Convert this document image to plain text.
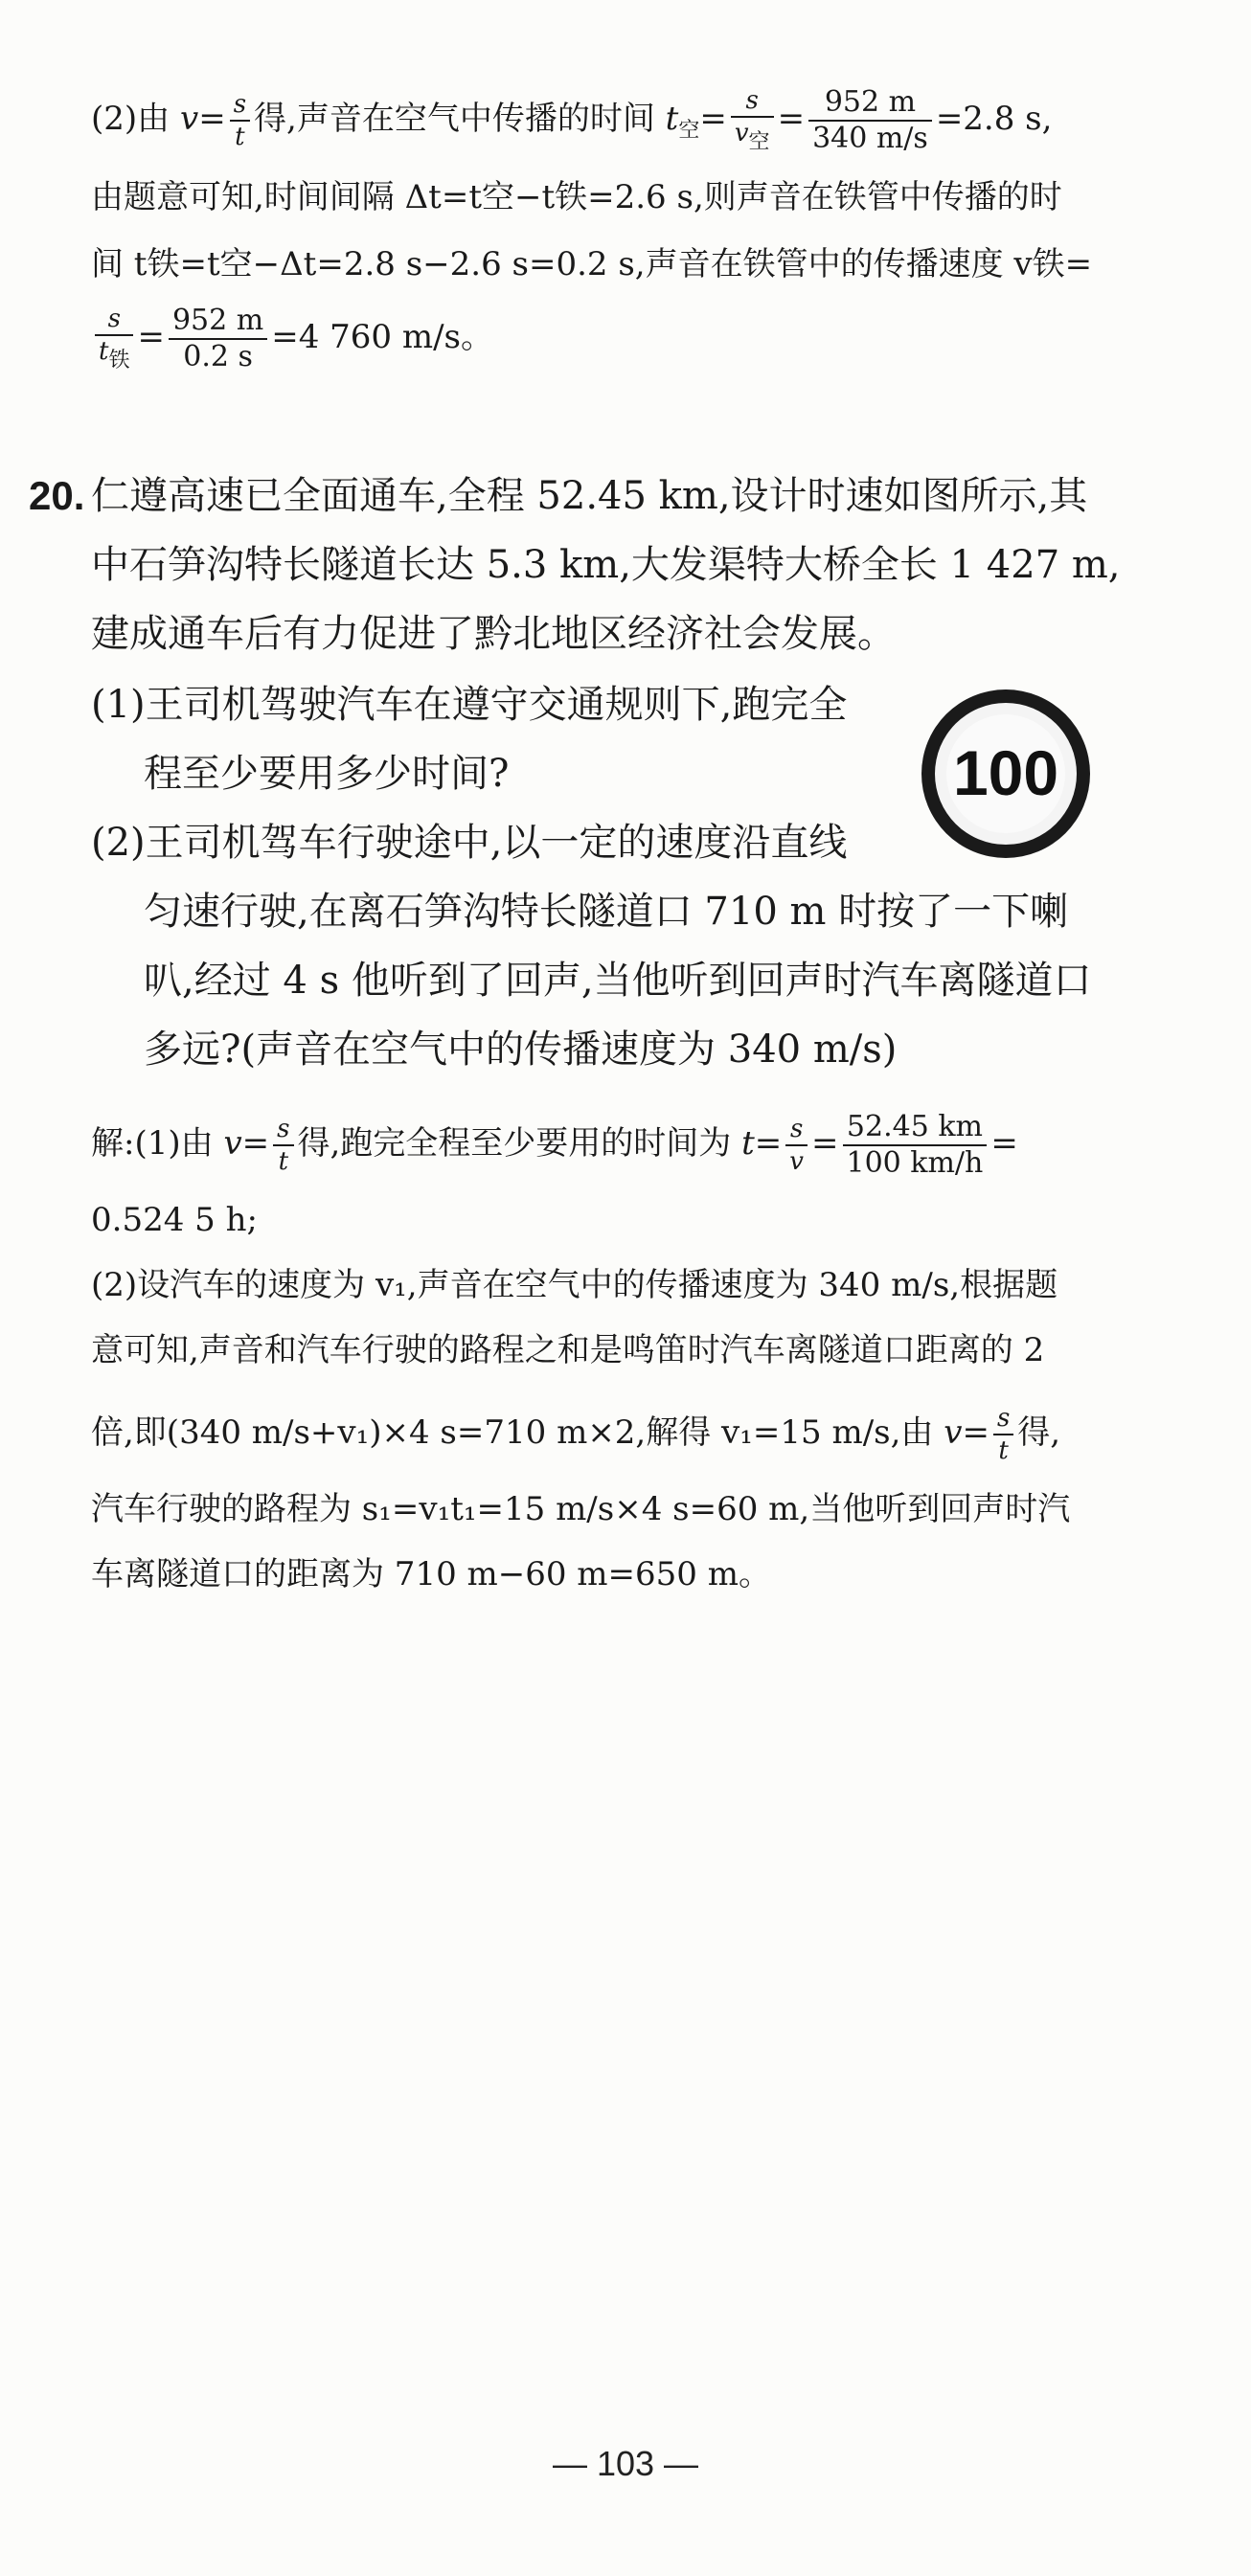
(2)由 $v= \frac{s}{t}$ 得,声音在空气中传播的时间 $t_空= \frac{s}{v_空} = \frac{952 m}{340 m/s} =2.8$ s,
由题意可知,时间间隔 Δt=t空−t铁=2.6 s,则声音在铁管中传播的时
间 t铁=t空−Δt=2.8 s−2.6 s=0.2 s,声音在铁管中的传播速度 v铁=
$\frac{s}{t_铁} = \frac{952 m}{0.2 s} =4$ 760 m/s。
20. 仁遵高速已全面通车,全程 52.45 km,设计时速如图所示,其
中石笋沟特长隧道长达 5.3 km,大发渠特大桥全长 1 427 m,
建成通车后有力促进了黔北地区经济社会发展。
(1)王司机驾驶汽车在遵守交通规则下,跑完全
程至少要用多少时间?
(2)王司机驾车行驶途中,以一定的速度沿直线
匀速行驶,在离石笋沟特长隧道口 710 m 时按了一下喇
叭,经过 4 s 他听到了回声,当他听到回声时汽车离隧道口
多远?(声音在空气中的传播速度为 340 m/s)
100
解:(1)由 $v= \frac{s}{t}$ 得,跑完全程至少要用的时间为 $t= \frac{s}{v} = \frac{52.45 km}{100 km/h}$ =
0.524 5 h;
(2)设汽车的速度为 v₁,声音在空气中的传播速度为 340 m/s,根据题
意可知,声音和汽车行驶的路程之和是鸣笛时汽车离隧道口距离的 2
倍,即(340 m/s+v₁)×4 s=710 m×2,解得 v₁=15 m/s,由 $v= \frac{s}{t}$ 得,
汽车行驶的路程为 s₁=v₁t₁=15 m/s×4 s=60 m,当他听到回声时汽
车离隧道口的距离为 710 m−60 m=650 m。
— 103 —
